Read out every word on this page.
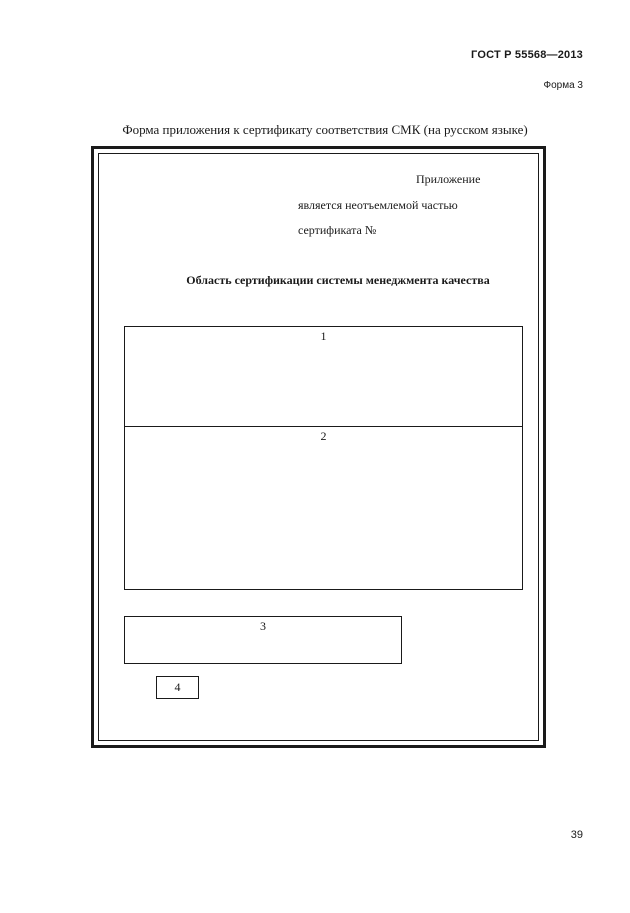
ГОСТ Р 55568—2013
Форма 3
Форма приложения к сертификату соответствия СМК (на русском языке)
Приложение
является неотъемлемой частью
сертификата №
Область сертификации системы менеджмента качества
1
2
3
4
39
